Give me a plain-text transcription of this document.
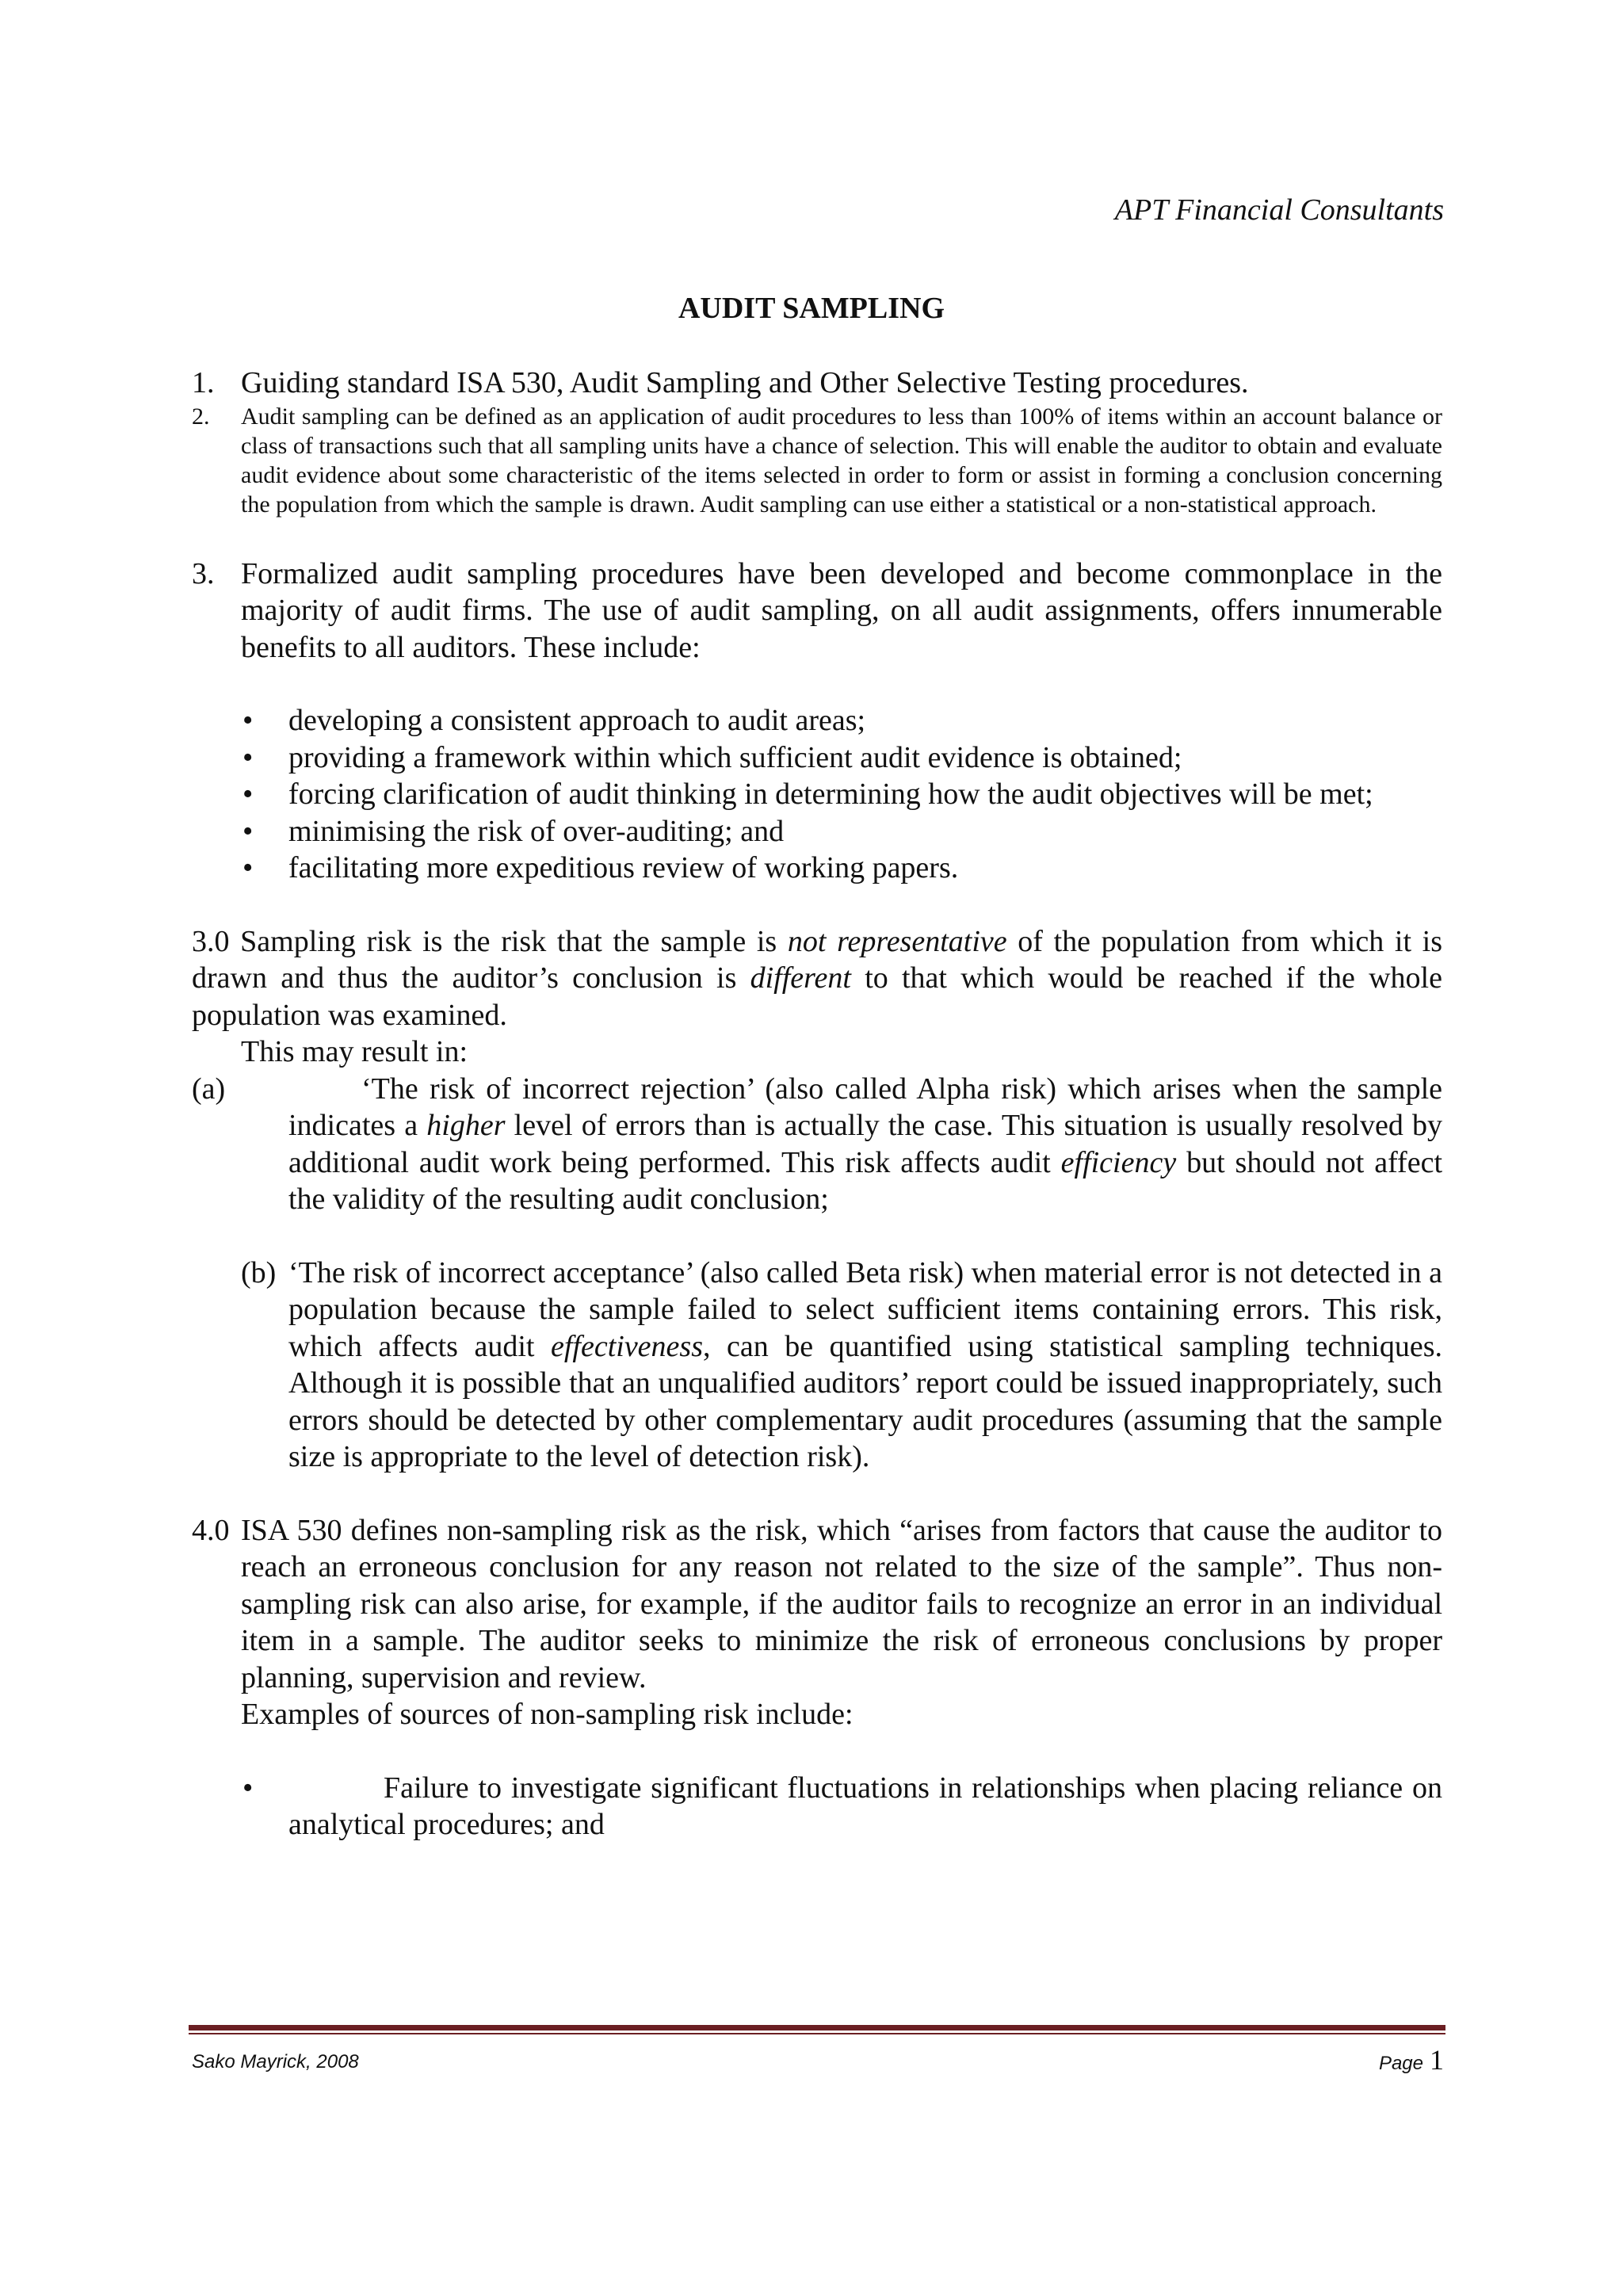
APT Financial Consultants
AUDIT SAMPLING

1. Guiding standard ISA 530, Audit Sampling and Other Selective Testing procedures.

2. Audit sampling can be defined as an application of audit procedures to less than 100% of items within an account balance or class of transactions such that all sampling units have a chance of selection. This will enable the auditor to obtain and evaluate audit evidence about some characteristic of the items selected in order to form or assist in forming a conclusion concerning the population from which the sample is drawn. Audit sampling can use either a statistical or a non-statistical approach.

3. Formalized audit sampling procedures have been developed and become commonplace in the majority of audit firms. The use of audit sampling, on all audit assignments, offers innumerable benefits to all auditors. These include:

• developing a consistent approach to audit areas;
• providing a framework within which sufficient audit evidence is obtained;
• forcing clarification of audit thinking in determining how the audit objectives will be met;
• minimising the risk of over-auditing; and
• facilitating more expeditious review of working papers.

3.0 Sampling risk is the risk that the sample is not representative of the population from which it is drawn and thus the auditor’s conclusion is different to that which would be reached if the whole population was examined.

This may result in:

(a)	‘The risk of incorrect rejection’ (also called Alpha risk) which arises when the sample indicates a higher level of errors than is actually the case. This situation is usually resolved by additional audit work being performed. This risk affects audit efficiency but should not affect the validity of the resulting audit conclusion;

(b) ‘The risk of incorrect acceptance’ (also called Beta risk) when material error is not detected in a population because the sample failed to select sufficient items containing errors. This risk, which affects audit effectiveness, can be quantified using statistical sampling techniques. Although it is possible that an unqualified auditors’ report could be issued inappropriately, such errors should be detected by other complementary audit procedures (assuming that the sample size is appropriate to the level of detection risk).

4.0 ISA 530 defines non-sampling risk as the risk, which “arises from factors that cause the auditor to reach an erroneous conclusion for any reason not related to the size of the sample”. Thus non-sampling risk can also arise, for example, if the auditor fails to recognize an error in an individual item in a sample. The auditor seeks to minimize the risk of erroneous conclusions by proper planning, supervision and review.

Examples of sources of non-sampling risk include:

•	Failure to investigate significant fluctuations in relationships when placing reliance on analytical procedures; and
Sako Mayrick, 2008	Page 1
